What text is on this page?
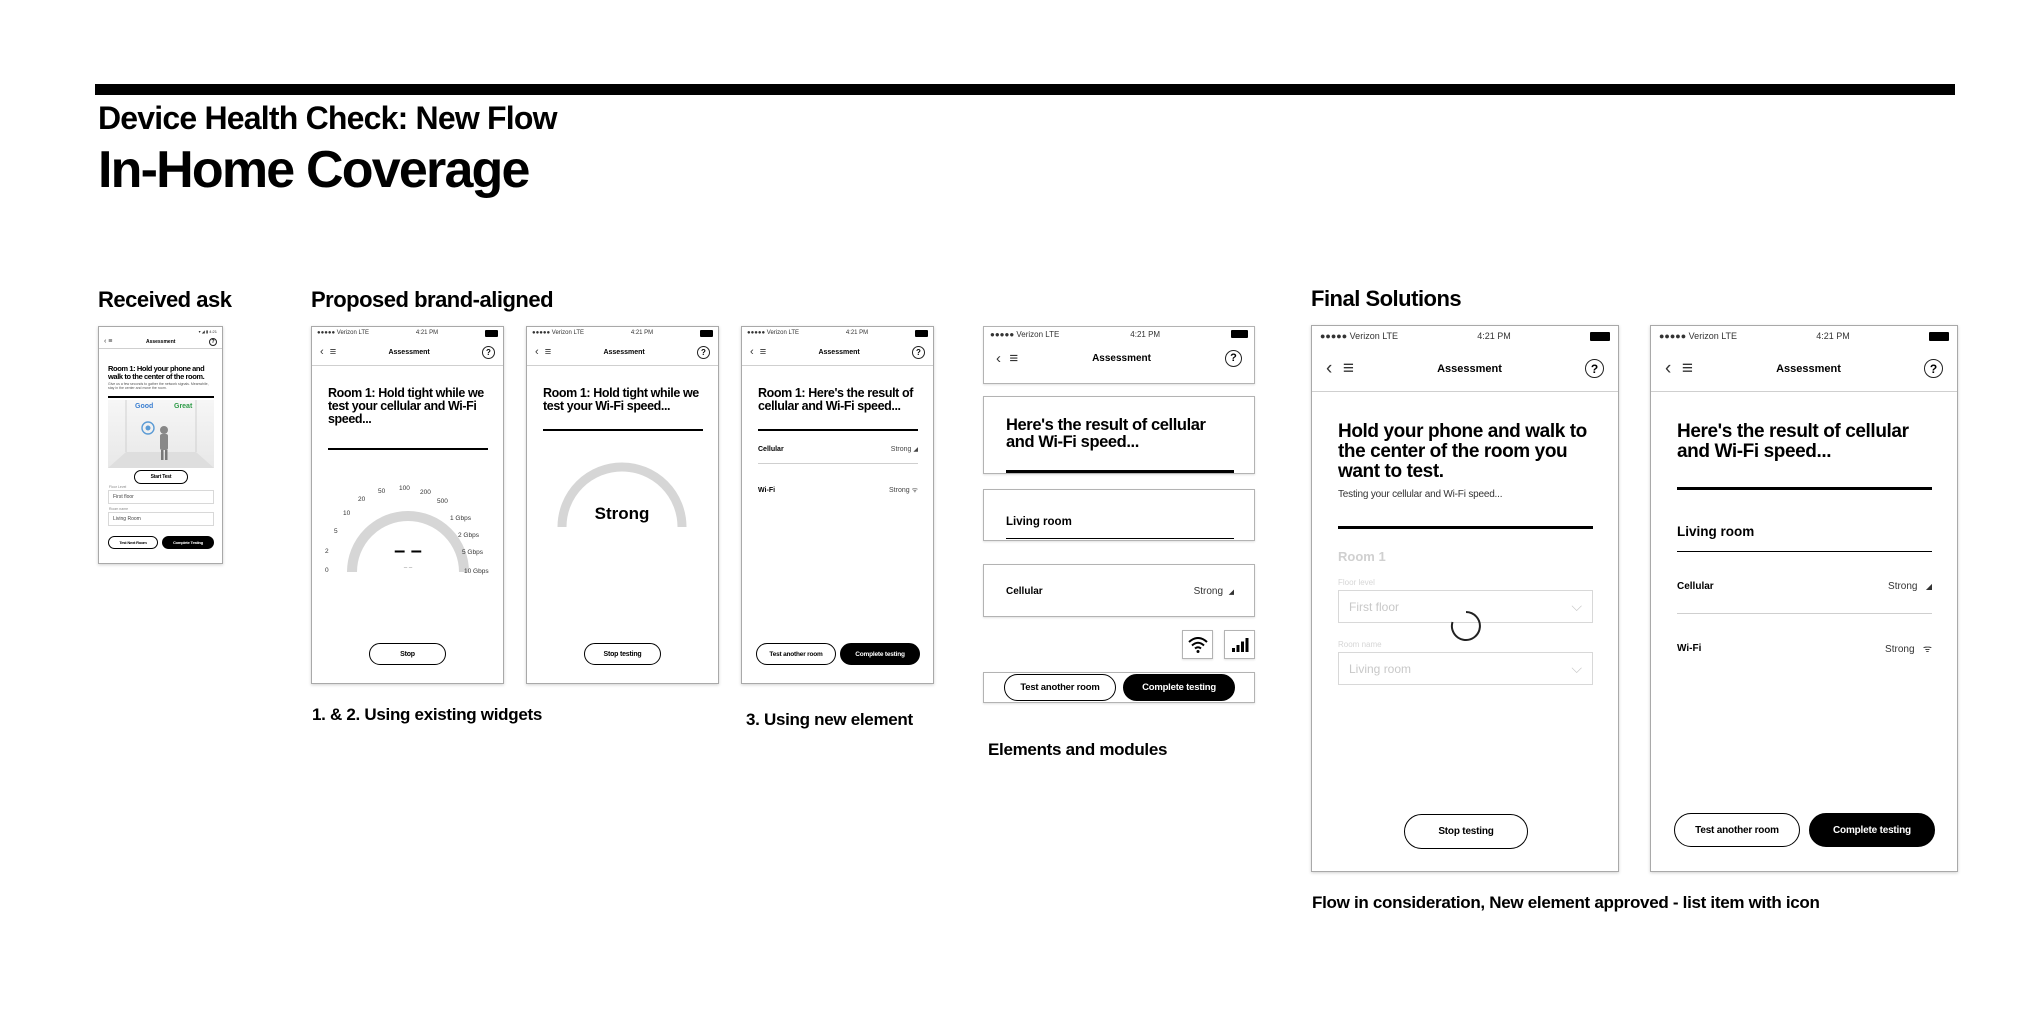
Device Health Check: New Flow
In-Home Coverage
Received ask	Proposed brand-aligned	Final Solutions
▾ ◢ ▮ 4:21
‹ ≡	Assessment	?
Room 1: Hold your phone and walk to the center of the room.
Give us a few seconds to gather the network signals. Meanwhile, stay in the center and move the room.
Good	Great
Start Test
Floor Level
First floor
Room name
Living Room
Test Next Room	Complete Testing
●●●●● Verizon LTE	4:21 PM
‹  ≡	Assessment	?
Room 1: Hold tight while we test your cellular and Wi-Fi speed...
0
2
5
10
20
50 100
200
500
1 Gbps
2 Gbps
5 Gbps
10 Gbps
– –
– –
Stop
●●●●● Verizon LTE	4:21 PM
‹  ≡	Assessment	?
Room 1: Hold tight while we test your Wi-Fi speed...
Strong
Stop testing
●●●●● Verizon LTE	4:21 PM
‹  ≡	Assessment	?
Room 1: Here's the result of cellular and Wi-Fi speed...
Cellular	Strong ◢
Wi-Fi	Strong ᯤ
Test another room	Complete testing
1. & 2. Using existing widgets	3. Using new element
●●●●● Verizon LTE	4:21 PM
‹  ≡	Assessment	?
Here's the result of cellular and Wi-Fi speed...
Living room
Cellular	Strong ◢
Test another room	Complete testing
Elements and modules
●●●●● Verizon LTE	4:21 PM
‹  ≡	Assessment	?
Hold your phone and walk to the center of the room you want to test.
Testing your cellular and Wi-Fi speed...
Room 1
Floor level
First floor	⌵
Room name
Living room	⌵
Stop testing
●●●●● Verizon LTE	4:21 PM
‹  ≡	Assessment	?
Here's the result of cellular and Wi-Fi speed...
Living room
Cellular	Strong ◢
Wi-Fi	Strong ᯤ
Test another room	Complete testing
Flow in consideration, New element approved - list item with icon
